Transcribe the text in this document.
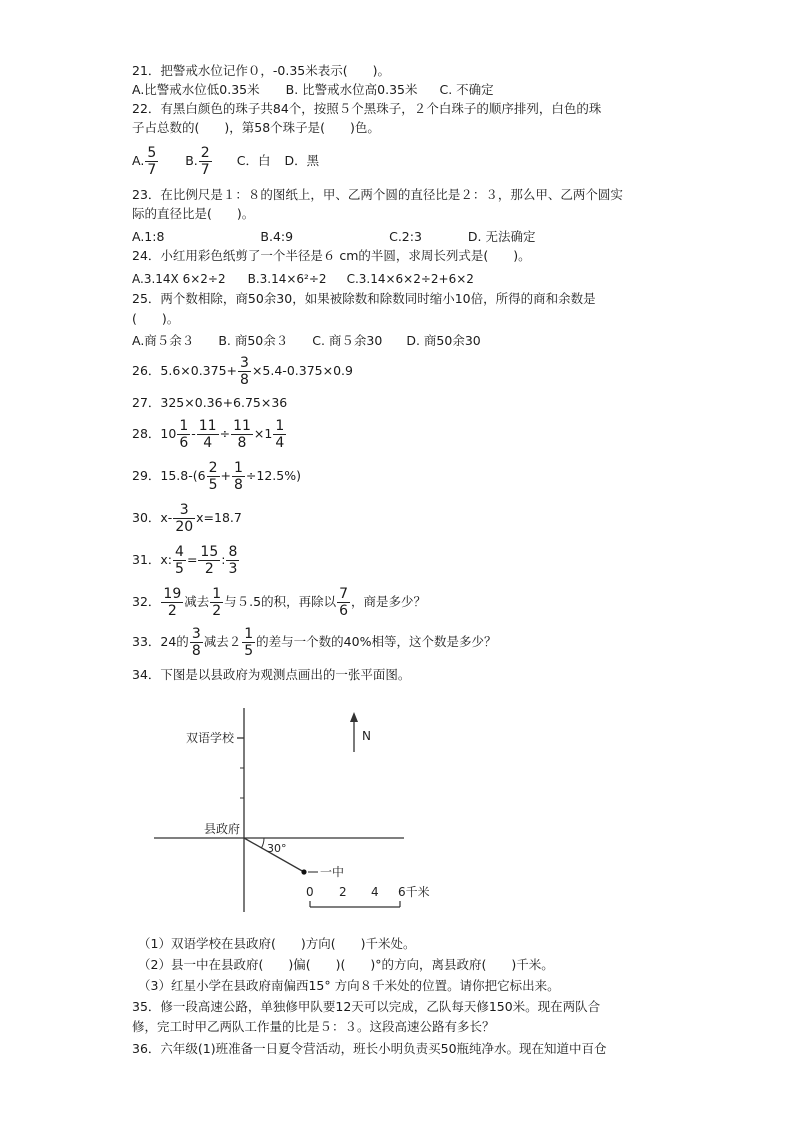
21．把警戒水位记作０，-0.35米表示(　　)。
A.比警戒水位低0.35米 B. 比警戒水位高0.35米 C. 不确定
22．有黑白颜色的珠子共84个，按照５个黑珠子，２个白珠子的顺序排列，白色的珠
子占总数的(　　)，第58个珠子是(　　)色。
A. $\frac{5}{7} B$. $\frac{2}{7}$ C．白 D．黑
23．在比例尺是１：８的图纸上，甲、乙两个圆的直径比是２：３，那么甲、乙两个圆实
际的直径比是(　　)。
A.1:8	B.4:9	C.2:3	D. 无法确定
24．小红用彩色纸剪了一个半径是６ cm的半圆，求周长列式是(　　)。
A.3.14X 6×2÷2 B.3.14×6²÷2 C.3.14×6×2÷2+6×2
25．两个数相除，商50余30，如果被除数和除数同时缩小10倍，所得的商和余数是
(　　)。
A.商５余３ B. 商50余３ C. 商５余30 D. 商50余30
26．$5.6\times 0.375+ \frac{3}{8} \times 5.4-0.375\times 0.9$
27．325×0.36+6.75×36
28．$10 \frac{1}{6} - \frac{11}{4} \div \frac{11}{8} \times 1 \frac{1}{4}$
29．$15.8-(6 \frac{2}{5} + \frac{1}{8} \div 12.5\%)$
30．$x- \frac{3}{20} x=18.7$
31．x: $\frac{4}{5} = \frac{15}{2}$ : $\frac{8}{3}$
32． $\frac{19}{2}$ 减去 $\frac{1}{2}$ 与５.5的积，再除以 $\frac{7}{6}$ ，商是多少？
33．24的 $\frac{3}{8}$ 减去$2 \frac{1}{5}$ 的差与一个数的40%相等，这个数是多少？
34．下图是以县政府为观测点画出的一张平面图。
双语学校
县政府
N
一中
30°
0 2 4 6千米
（1）双语学校在县政府(　　)方向(　　)千米处。
（2）县一中在县政府(　　)偏(　　)(　　)°的方向，离县政府(　　)千米。
（3）红星小学在县政府南偏西15° 方向８千米处的位置。请你把它标出来。
35．修一段高速公路，单独修甲队要12天可以完成，乙队每天修150米。现在两队合
修，完工时甲乙两队工作量的比是５：３。这段高速公路有多长？
36．六年级(1)班准备一日夏令营活动，班长小明负责买50瓶纯净水。现在知道中百仓
